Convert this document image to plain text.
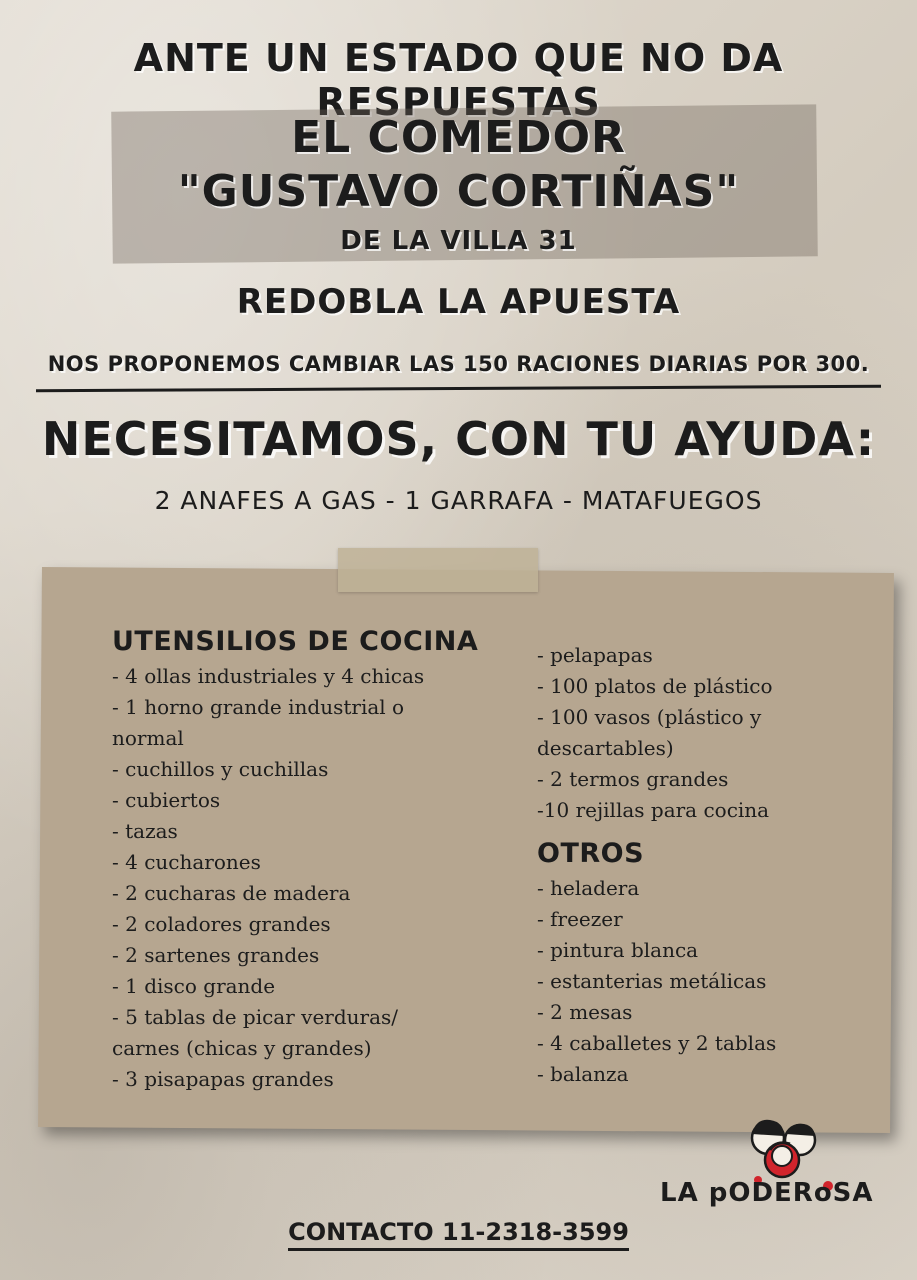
ANTE UN ESTADO QUE NO DA RESPUESTAS
EL COMEDOR
"GUSTAVO CORTIÑAS"
DE LA VILLA 31
REDOBLA LA APUESTA
NOS PROPONEMOS CAMBIAR LAS 150 RACIONES DIARIAS POR 300.
NECESITAMOS, CON TU AYUDA:
2 ANAFES A GAS - 1 GARRAFA - MATAFUEGOS
UTENSILIOS DE COCINA
- 4 ollas industriales y 4 chicas
- 1 horno grande industrial o
normal
- cuchillos y cuchillas
- cubiertos
- tazas
- 4 cucharones
- 2 cucharas de madera
- 2 coladores grandes
- 2 sartenes grandes
- 1 disco grande
- 5 tablas de picar verduras/
carnes (chicas y grandes)
- 3 pisapapas grandes
- pelapapas
- 100 platos de plástico
- 100 vasos (plástico y
descartables)
- 2 termos grandes
-10 rejillas para cocina
OTROS
- heladera
- freezer
- pintura blanca
- estanterias metálicas
- 2 mesas
- 4 caballetes y 2 tablas
- balanza
LA pODERoSA
CONTACTO 11-2318-3599
